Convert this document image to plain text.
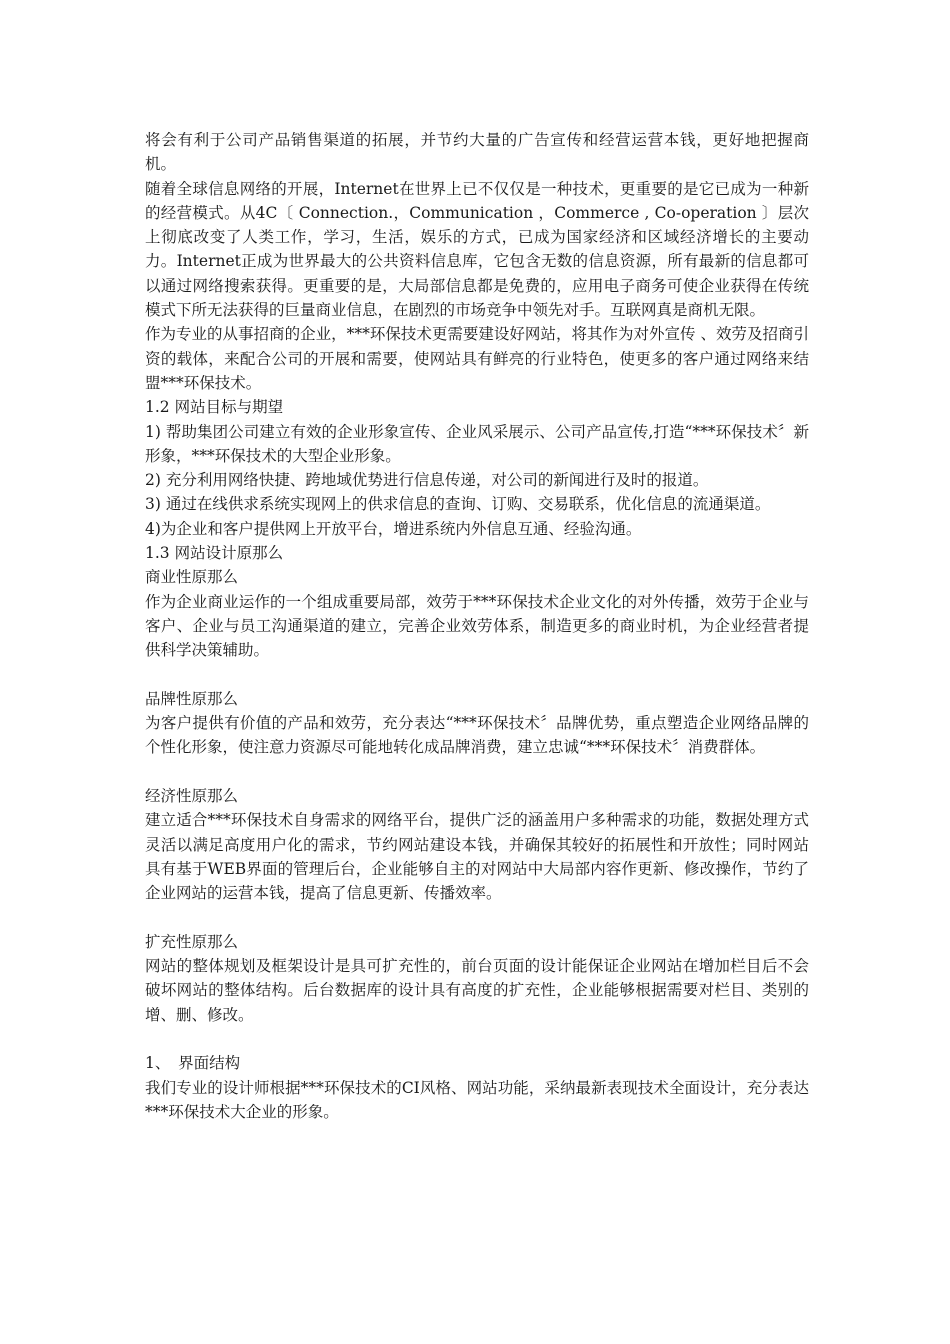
将会有利于公司产品销售渠道的拓展，并节约大量的广告宣传和经营运营本钱，更好地把握商机。

随着全球信息网络的开展，Internet在世界上已不仅仅是一种技术，更重要的是它已成为一种新的经营模式。从4C〔 Connection.，Communication ，Commerce , Co-operation 〕层次上彻底改变了人类工作，学习，生活，娱乐的方式，已成为国家经济和区域经济增长的主要动力。Internet正成为世界最大的公共资料信息库，它包含无数的信息资源，所有最新的信息都可以通过网络搜索获得。更重要的是，大局部信息都是免费的，应用电子商务可使企业获得在传统模式下所无法获得的巨量商业信息，在剧烈的市场竞争中领先对手。互联网真是商机无限。

作为专业的从事招商的企业，***环保技术更需要建设好网站，将其作为对外宣传 、效劳及招商引资的载体，来配合公司的开展和需要，使网站具有鲜亮的行业特色，使更多的客户通过网络来结盟***环保技术。

1.2 网站目标与期望

1) 帮助集团公司建立有效的企业形象宣传、企业风采展示、公司产品宣传,打造“***环保技术〞新形象，***环保技术的大型企业形象。

2) 充分利用网络快捷、跨地域优势进行信息传递，对公司的新闻进行及时的报道。

3) 通过在线供求系统实现网上的供求信息的查询、订购、交易联系，优化信息的流通渠道。

4)为企业和客户提供网上开放平台，增进系统内外信息互通、经验沟通。

1.3 网站设计原那么

商业性原那么

作为企业商业运作的一个组成重要局部，效劳于***环保技术企业文化的对外传播，效劳于企业与客户、企业与员工沟通渠道的建立，完善企业效劳体系，制造更多的商业时机，为企业经营者提供科学决策辅助。

品牌性原那么

为客户提供有价值的产品和效劳，充分表达“***环保技术〞品牌优势，重点塑造企业网络品牌的个性化形象，使注意力资源尽可能地转化成品牌消费，建立忠诚“***环保技术〞消费群体。

经济性原那么

建立适合***环保技术自身需求的网络平台，提供广泛的涵盖用户多种需求的功能，数据处理方式灵活以满足高度用户化的需求，节约网站建设本钱，并确保其较好的拓展性和开放性；同时网站具有基于WEB界面的管理后台，企业能够自主的对网站中大局部内容作更新、修改操作，节约了企业网站的运营本钱，提高了信息更新、传播效率。

扩充性原那么

网站的整体规划及框架设计是具可扩充性的，前台页面的设计能保证企业网站在增加栏目后不会破坏网站的整体结构。后台数据库的设计具有高度的扩充性，企业能够根据需要对栏目、类别的增、删、修改。

1、　界面结构

我们专业的设计师根据***环保技术的CI风格、网站功能，采纳最新表现技术全面设计，充分表达***环保技术大企业的形象。
